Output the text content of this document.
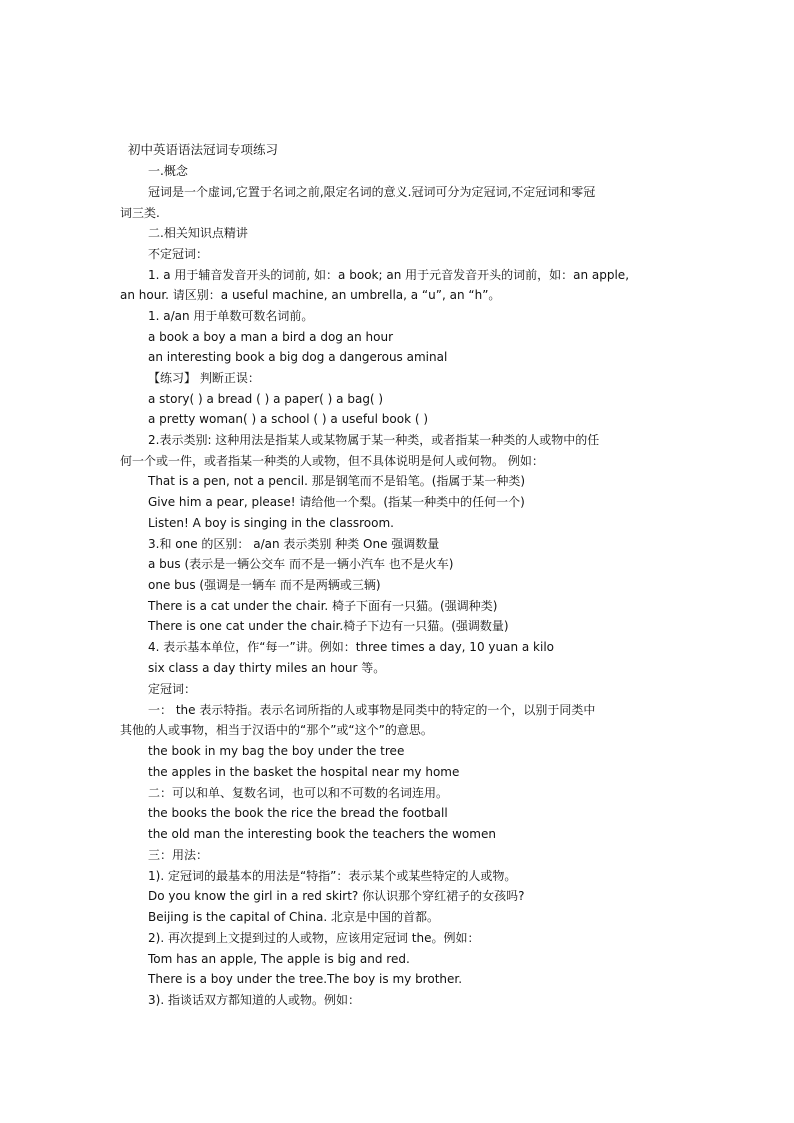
初中英语语法冠词专项练习
一.概念
冠词是一个虚词,它置于名词之前,限定名词的意义.冠词可分为定冠词,不定冠词和零冠
词三类.
二.相关知识点精讲
不定冠词：
1. a 用于辅音发音开头的词前, 如：a book; an 用于元音发音开头的词前，如：an apple,
an hour. 请区别：a useful machine, an umbrella, a “u”, an “h”。
1. a/an 用于单数可数名词前。
a book a boy a man a bird a dog an hour
an interesting book a big dog a dangerous aminal
【练习】 判断正误：
a story( ) a bread ( ) a paper( ) a bag( )
a pretty woman( ) a school ( ) a useful book ( )
2.表示类别: 这种用法是指某人或某物属于某一种类，或者指某一种类的人或物中的任
何一个或一件，或者指某一种类的人或物，但不具体说明是何人或何物。 例如：
That is a pen, not a pencil. 那是钢笔而不是铅笔。(指属于某一种类)
Give him a pear, please! 请给他一个梨。(指某一种类中的任何一个)
Listen! A boy is singing in the classroom.
3.和 one 的区别： a/an 表示类别 种类 One 强调数量
a bus (表示是一辆公交车 而不是一辆小汽车 也不是火车)
one bus (强调是一辆车 而不是两辆或三辆)
There is a cat under the chair. 椅子下面有一只猫。(强调种类)
There is one cat under the chair.椅子下边有一只猫。(强调数量)
4. 表示基本单位，作“每一”讲。例如：three times a day, 10 yuan a kilo
six class a day thirty miles an hour 等。
定冠词：
一： the 表示特指。表示名词所指的人或事物是同类中的特定的一个，以别于同类中
其他的人或事物，相当于汉语中的“那个”或“这个”的意思。
the book in my bag the boy under the tree
the apples in the basket the hospital near my home
二：可以和单、复数名词，也可以和不可数的名词连用。
the books the book the rice the bread the football
the old man the interesting book the teachers the women
三：用法：
1). 定冠词的最基本的用法是“特指”：表示某个或某些特定的人或物。
Do you know the girl in a red skirt? 你认识那个穿红裙子的女孩吗?
Beijing is the capital of China. 北京是中国的首都。
2). 再次提到上文提到过的人或物，应该用定冠词 the。例如：
Tom has an apple, The apple is big and red.
There is a boy under the tree.The boy is my brother.
3). 指谈话双方都知道的人或物。例如：
